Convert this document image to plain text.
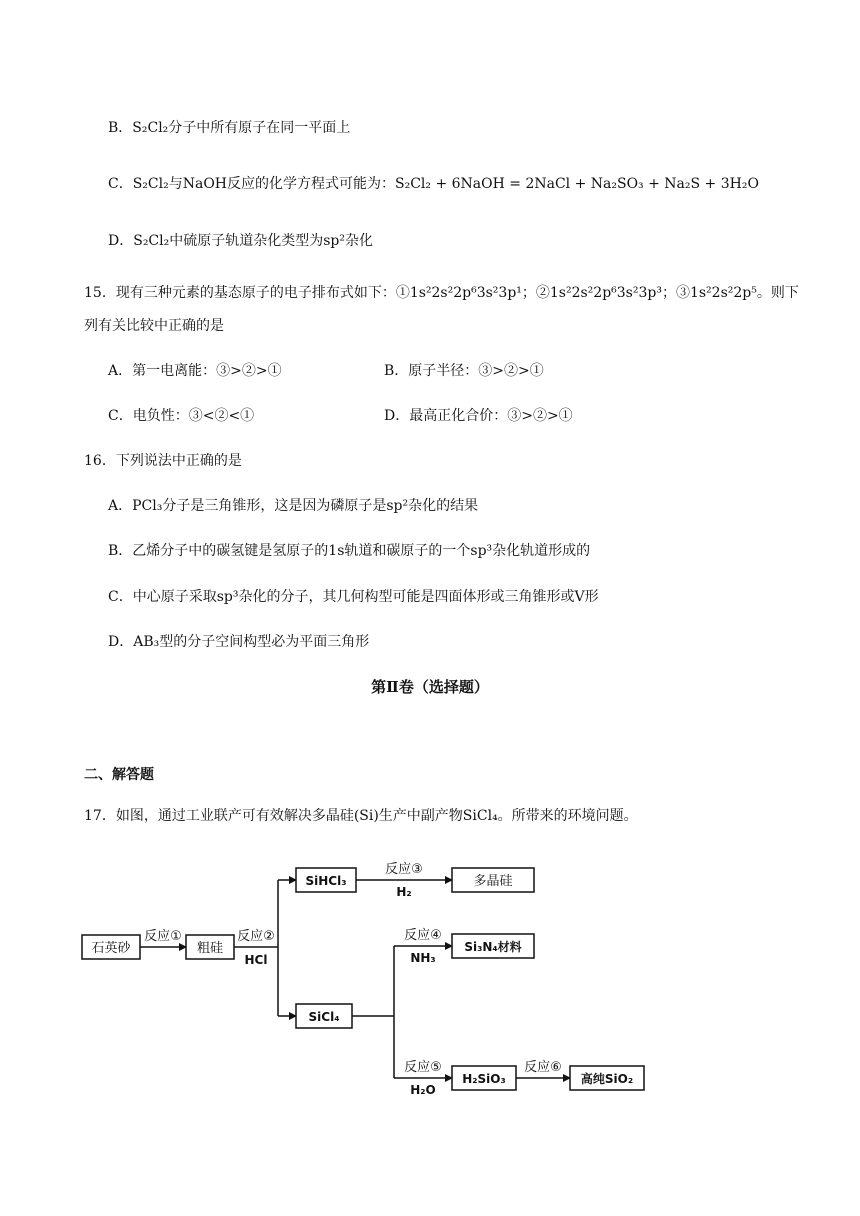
B．S₂Cl₂分子中所有原子在同一平面上
C．S₂Cl₂与NaOH反应的化学方程式可能为：S₂Cl₂ + 6NaOH = 2NaCl + Na₂SO₃ + Na₂S + 3H₂O
D．S₂Cl₂中硫原子轨道杂化类型为sp²杂化
15．现有三种元素的基态原子的电子排布式如下：①1s²2s²2p⁶3s²3p¹；②1s²2s²2p⁶3s²3p³；③1s²2s²2p⁵。则下
列有关比较中正确的是
A．第一电离能：③>②>①	B．原子半径：③>②>①
C．电负性：③<②<①	D．最高正化合价：③>②>①
16．下列说法中正确的是
A．PCl₃分子是三角锥形，这是因为磷原子是sp²杂化的结果
B．乙烯分子中的碳氢键是氢原子的1s轨道和碳原子的一个sp³杂化轨道形成的
C．中心原子采取sp³杂化的分子，其几何构型可能是四面体形或三角锥形或V形
D．AB₃型的分子空间构型必为平面三角形
第Ⅱ卷（选择题）
二、解答题
17．如图，通过工业联产可有效解决多晶硅(Si)生产中副产物SiCl₄。所带来的环境问题。
石英砂	粗硅
SiHCl₃	多晶硅
SiCl₄
Si₃N₄材料
H₂SiO₃	高纯SiO₂
反应①	反应②
HCl
反应③
H₂
反应④
NH₃
反应⑤
H₂O
反应⑥
